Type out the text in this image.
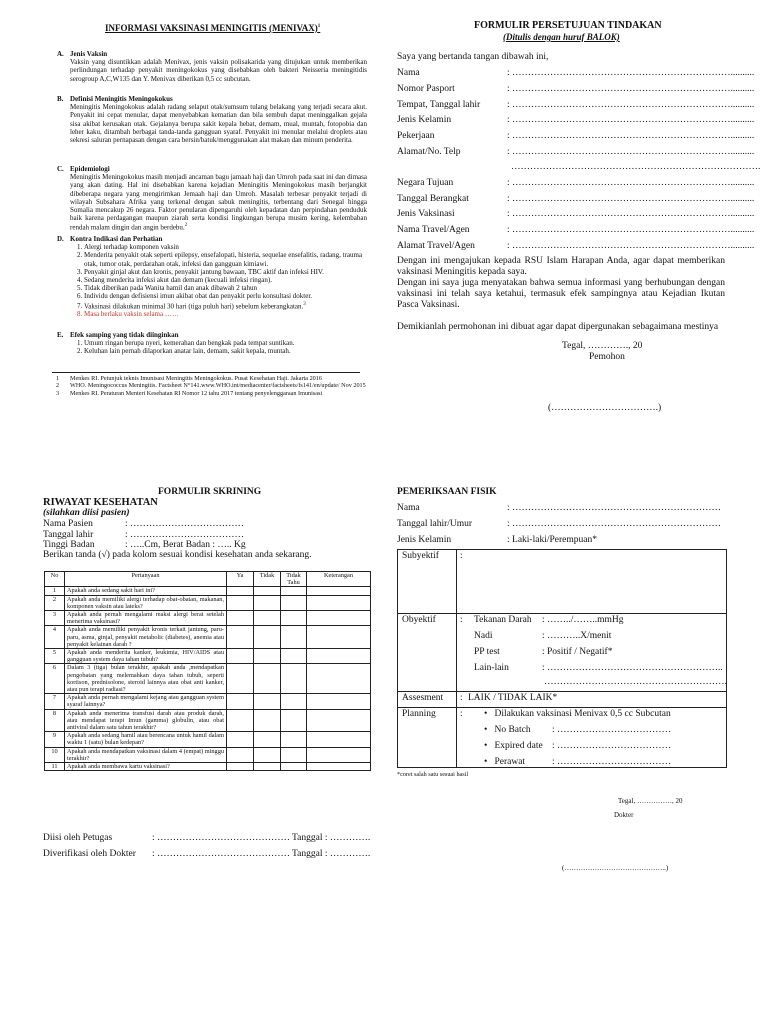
INFORMASI VAKSINASI MENINGITIS (MENIVAX)$^1$
A. Jenis Vaksin
Vaksin yang disuntikkan adalah Menivax, jenis vaksin polisakarida yang ditujukan untuk memberikan perlindungan terhadap penyakit meningokokus yang disebabkan oleh bakteri Neisseria meningitidis serogroup A,C,W135 dan Y. Menivax diberikan 0,5 cc subcutan.
B. Definisi Meningitis Meningokokus
Meningitis Meningokokus adalah radang selaput otak/sumsum tulang belakang yang terjadi secara akut. Penyakit ini cepat menular, dapat menyebabkan kematian dan bila sembuh dapat meninggalkan gejala sisa akibat kerusakan otak. Gejalanya berupa sakit kepala hebat, demam, mual, muntah, fotopobia dan leher kaku, ditambah berbagai tanda-tanda gangguan syaraf. Penyakit ini menular melalui droplets atau sekresi saluran pernapasan dengan cara bersin/batuk/menggunakan alat makan dan minum penderita.
C. Epidemiologi
Meningitis Meningokokus masih menjadi ancaman bagu jamaah haji dan Umroh pada saat ini dan dimasa yang akan dating. Hal ini disebabkan karena kejadian Meningitis Meningokokus masih berjangkit dibeberapa negara yang mengirimkan Jemaah haji dan Umroh. Masalah terbesar penyakit terjadi di wilayah Subsahara Afrika yang terkenal dengan sabuk meningitis, terbentang dari Senegal hingga Somalia mencakup 26 negara. Faktor penularan dipengaruhi oleh kepadatan dan perpindahan penduduk baik karena perdagangan maupun ziarah serta kondisi lingkungan berupa musim kering, kelembaban rendah malam dingin dan angin berdebu.$^2$
D. Kontra Indikasi dan Perhatian
1. Alergi terhadap komponen vaksin
2. Menderita penyakit otak seperti epilepsy, ensefalopati, histeria, sequelae ensefalitis, radang, trauma otak, tumor otak, perdarahan otak, infeksi dan gangguan kimiawi.
3. Penyakit ginjal akut dan kronis, penyakit jantung bawaan, TBC aktif dan infeksi HIV.
4. Sedang menderita infeksi akut dan demam (kecuali infeksi ringan).
5. Tidak diberikan pada Wanita hamil dan anak dibawah 2 tahun
6. Individu dengan defisiensi imun akibat obat dan penyakit perlu konsultasi dokter.
7. Vaksinasi dilakukan minimal 30 hari (tiga puluh hari) sebelum keberangkatan.$^3$
8. Masa berlaku vaksin selama ……
E. Efek samping yang tidak diinginkan
1. Umum ringan berupa nyeri, kemerahan dan bengkak pada tempat suntikan.
2. Keluhan lain pernah dilaporkan anatar lain, demam, sakit kepala, muntah.
1 Menkes RI. Petunjuk teknis Imunisasi Meningitis Meningokokus. Pusat Kesehatan Haji. Jakarta 2016
2 WHO. Meningococcus Meningitis. Factsheet N°141.www.WHO.int/mediacenter/factsheets/fs141/en/update/ Nov 2015
3 Menkes RI. Peraturan Menteri Kesehatan RI Nomor 12 tahu 2017 tentang penyelenggaraan Imunisasi
FORMULIR PERSETUJUAN TINDAKAN
(Ditulis dengan huruf BALOK)
Saya yang bertanda tangan dibawah ini,
Nama	: ……………………………………………………………..........
Nomor Pasport	: ……………………………………………………………..........
Tempat, Tanggal lahir	: ……………………………………………………………..........
Jenis Kelamin	: ……………………………………………………………..........
Pekerjaan	: ……………………………………………………………..........
Alamat/No. Telp	: ……………………………………………………………..........
…………………………………………………………………….
Negara Tujuan	: ……………………………………………………………..........
Tanggal Berangkat	: ……………………………………………………………..........
Jenis Vaksinasi	: ……………………………………………………………..........
Nama Travel/Agen	: ……………………………………………………………..........
Alamat Travel/Agen	: ……………………………………………………………..........
Dengan ini mengajukan kepada RSU Islam Harapan Anda, agar dapat memberikan vaksinasi Meningitis kepada saya.
Dengan ini saya juga menyatakan bahwa semua informasi yang berhubungan dengan vaksinasi ini telah saya ketahui, termasuk efek sampingnya atau Kejadian Ikutan Pasca Vaksinasi.
Demikianlah permohonan ini dibuat agar dapat dipergunakan sebagaimana mestinya
Tegal, …………., 20
Pemohon
(…………………………….)
FORMULIR SKRINING
RIWAYAT KESEHATAN
(silahkan diisi pasien)
Nama Pasien	: ………………………………
Tanggal lahir	: ………………………………
Tinggi Badan	: …..Cm, Berat Badan : ….. Kg
Berikan tanda (√) pada kolom sesuai kondisi kesehatan anda sekarang.
No	Pertanyaan	Ya	Tidak	Tidak Tahu	Keterangan
1	Apakah anda sedang sakit hari ini?				
2	Apakah anda memiliki alergi terhadap obat-obatan, makanan, komponen vaksin atau lateks?				
3	Apakah anda pernah mengalami reaksi alergi berat setelah menerima vaksinasi?				
4	Apakah anda memiliki penyakit kronis terkait jantung, paru-paru, asma, ginjal, penyakit metabolic (diabetes), anemia atau penyakit kelainan darah ?				
5	Apakah anda menderita kanker, leukimia, HIV/AIDS atau gangguan system daya tahan tubuh?				
6	Dalam 3 (tiga) bulan terakhir, apakah anda ,mendapatkan pengobatan yang melemahkan daya tahan tubuh, seperti kortison, prednisolone, steroid lainnya atau obat anti kanker, atau pun terapi radiasi?				
7	Apakah anda pernah mengalami kejang atau gangguan system syaraf lainnya?				
8	Apakah anda menerima transfusi darah atau produk darah, atau mendapat terapi Imun (gamma) globulin, atau obat antiviral dalam satu tahun terakhir?				
9	Apakah anda sedang hamil atau berencana untuk hamil dalam waktu 1 (satu) bulan kedepan?				
10	Apakah anda mendapatkan vaksinasi dalam 4 (empat) minggu terakhir?				
11	Apakah anda membawa kartu vaksinasi?				
Diisi oleh Petugas	: …………………………………… Tanggal : ………….
Diverifikasi oleh Dokter : …………………………………… Tanggal : ………….
PEMERIKSAAN FISIK
Nama	: …………………………………………………………
Tanggal lahir/Umur	: …………………………………………………………
Jenis Kelamin	: Laki-laki/Perempuan*
Subyektif :
Obyektif	: Tekanan Darah : ……../……..mmHg
Nadi	: ………..X/menit
PP test	: Positif / Negatif*
Lain-lain	: ………………………………………………..
………………………………………………….
Assesment : LAIK / TIDAK LAIK*
Planning	: •   Dilakukan vaksinasi Menivax 0,5 cc Subcutan
•   No Batch : ………………………………
•   Expired date : ………………………………
•   Perawat	: ………………………………
*coret salah satu sesuai hasil
Tegal, ……………, 20
Dokter
(……………………………………..)
